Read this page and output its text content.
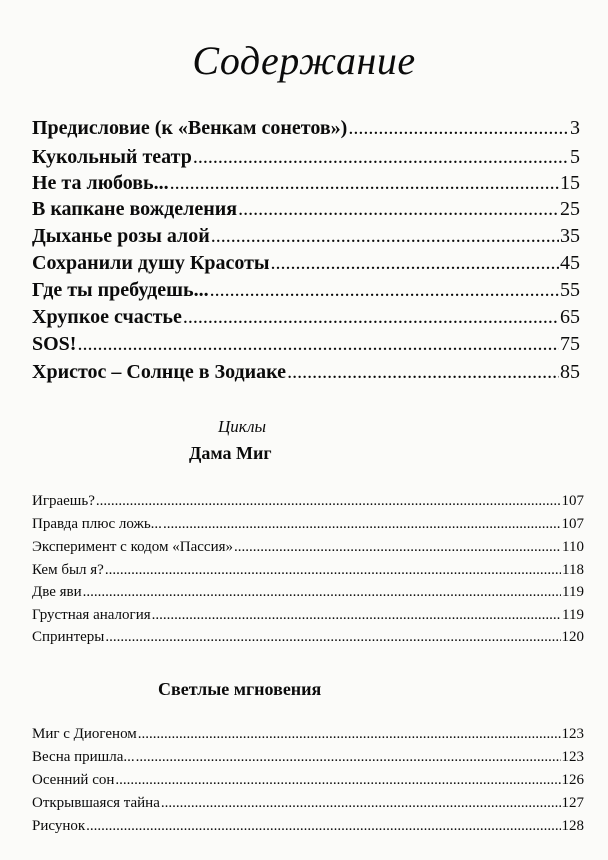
Содержание
Предисловие (к «Венкам сонетов») .....	3
Кукольный театр .....	5
Не та любовь... .....	15
В капкане вожделения .....	25
Дыханье розы алой .....	35
Сохранили душу Красоты .....	45
Где ты пребудешь... .....	55
Хрупкое счастье .....	65
SOS! .....	75
Христос – Солнце в Зодиаке .....	85
Циклы
Дама Миг
Играешь? .....	107
Правда плюс ложь... .....	107
Эксперимент с кодом «Пассия» .....	110
Кем был я? .....	118
Две яви .....	119
Грустная аналогия .....	119
Спринтеры .....	120
Светлые мгновения
Миг с Диогеном .....	123
Весна пришла... .....	123
Осенний сон .....	126
Открывшаяся тайна .....	127
Рисунок .....	128
